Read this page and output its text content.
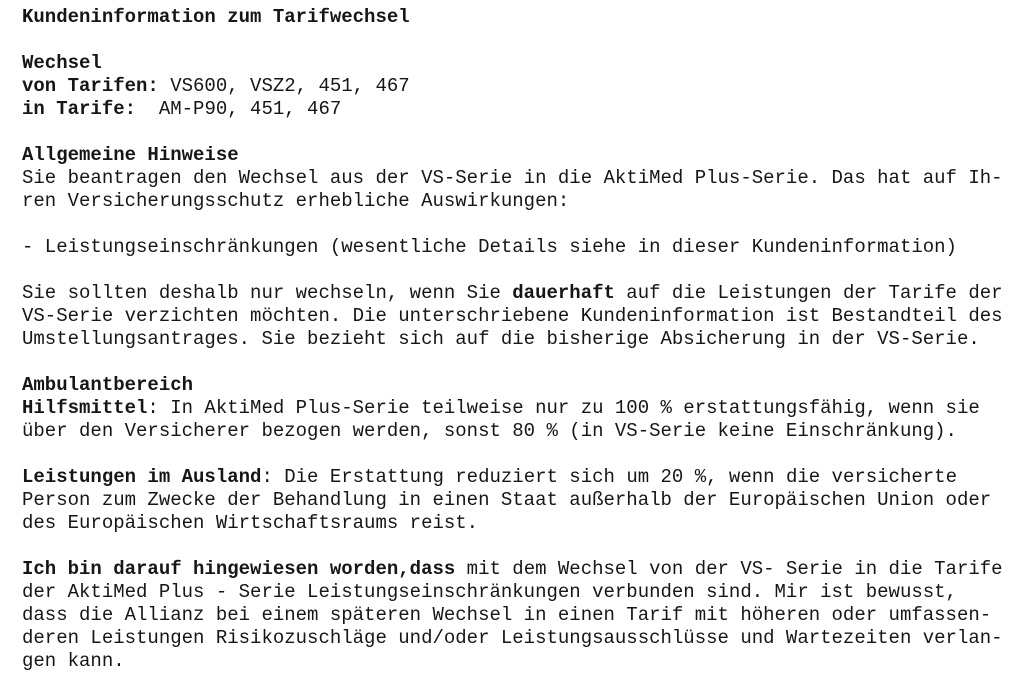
Kundeninformation zum Tarifwechsel

Wechsel
von Tarifen: VS600, VSZ2, 451, 467
in Tarife:  AM-P90, 451, 467

Allgemeine Hinweise
Sie beantragen den Wechsel aus der VS-Serie in die AktiMed Plus-Serie. Das hat auf Ih-
ren Versicherungsschutz erhebliche Auswirkungen:

- Leistungseinschränkungen (wesentliche Details siehe in dieser Kundeninformation)

Sie sollten deshalb nur wechseln, wenn Sie dauerhaft auf die Leistungen der Tarife der
VS-Serie verzichten möchten. Die unterschriebene Kundeninformation ist Bestandteil des
Umstellungsantrages. Sie bezieht sich auf die bisherige Absicherung in der VS-Serie.

Ambulantbereich
Hilfsmittel: In AktiMed Plus-Serie teilweise nur zu 100 % erstattungsfähig, wenn sie
über den Versicherer bezogen werden, sonst 80 % (in VS-Serie keine Einschränkung).

Leistungen im Ausland: Die Erstattung reduziert sich um 20 %, wenn die versicherte
Person zum Zwecke der Behandlung in einen Staat außerhalb der Europäischen Union oder
des Europäischen Wirtschaftsraums reist.

Ich bin darauf hingewiesen worden,dass mit dem Wechsel von der VS- Serie in die Tarife
der AktiMed Plus - Serie Leistungseinschränkungen verbunden sind. Mir ist bewusst,
dass die Allianz bei einem späteren Wechsel in einen Tarif mit höheren oder umfassen-
deren Leistungen Risikozuschläge und/oder Leistungsausschlüsse und Wartezeiten verlan-
gen kann.
